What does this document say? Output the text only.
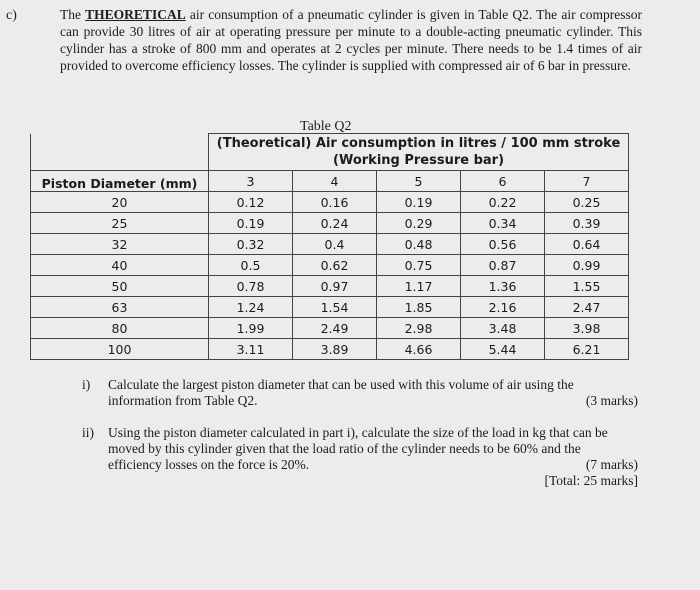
c)	The THEORETICAL air consumption of a pneumatic cylinder is given in Table Q2. The air compressor can provide 30 litres of air at operating pressure per minute to a double-acting pneumatic cylinder. This cylinder has a stroke of 800 mm and operates at 2 cycles per minute. There needs to be 1.4 times of air provided to overcome efficiency losses. The cylinder is supplied with compressed air of 6 bar in pressure.
Table Q2

	(Theoretical) Air consumption in litres / 100 mm stroke
(Working Pressure bar)				

Piston Diameter (mm)	3	4	5	6	7
20	0.12	0.16	0.19	0.22	0.25
25	0.19	0.24	0.29	0.34	0.39
32	0.32	0.4	0.48	0.56	0.64
40	0.5	0.62	0.75	0.87	0.99
50	0.78	0.97	1.17	1.36	1.55
63	1.24	1.54	1.85	2.16	2.47
80	1.99	2.49	2.98	3.48	3.98
100	3.11	3.89	4.66	5.44	6.21
i) Calculate the largest piston diameter that can be used with this volume of air using the
information from Table Q2.	(3 marks)
ii) Using the piston diameter calculated in part i), calculate the size of the load in kg that can be moved by this cylinder given that the load ratio of the cylinder needs to be 60% and the
efficiency losses on the force is 20%.	(7 marks)
[Total: 25 marks]
